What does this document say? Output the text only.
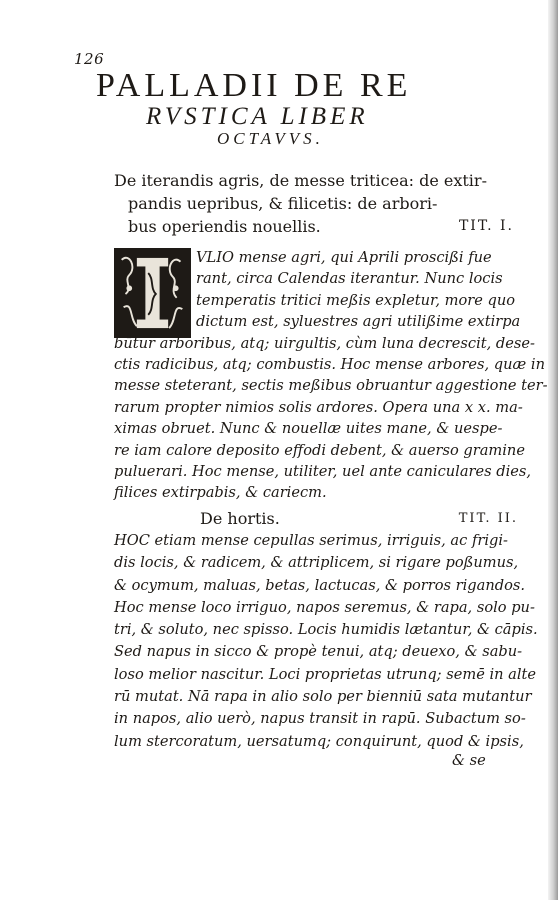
126
PALLADII DE RE
RVSTICA LIBER
OCTAVVS.
De iterandis agris, de messe triticea: de extir-
pandis uepribus, & filicetis: de arbori-
bus operiendis nouellis.	TIT. I.
VLIO mense agri, qui Aprili proscißi fue
rant, circa Calendas iterantur. Nunc locis
temperatis tritici meßis expletur, more quo
dictum est, syluestres agri utilißime extirpa
būtur arboribus, atq; uirgultis, cùm luna decrescit, dese-
ctis radicibus, atq; combustis. Hoc mense arbores, quæ in
messe steterant, sectis meßibus obruantur aggestione ter-
rarum propter nimios solis ardores. Opera una x x. ma-
ximas obruet. Nunc & nouellæ uites mane, & uespe-
re iam calore deposito effodi debent, & auerso gramine
puluerari. Hoc mense, utiliter, uel ante caniculares dies,
filices extirpabis, & cariecm.
De hortis.	TIT. II.
HOC etiam mense cepullas serimus, irriguis, ac frigi-
dis locis, & radicem, & attriplicem, si rigare poßumus,
& ocymum, maluas, betas, lactucas, & porros rigandos.
Hoc mense loco irriguo, napos seremus, & rapa, solo pu-
tri, & soluto, nec spisso. Locis humidis lætantur, & cāpis.
Sed napus in sicco & propè tenui, atq; deuexo, & sabu-
loso melior nascitur. Loci proprietas utrunq; semē in alte
rū mutat. Nā rapa in alio solo per bienniū sata mutantur
in napos, alio uerò, napus transit in rapū. Subactum so-
lum stercoratum, uersatumq; conquirunt, quod & ipsis,
& se
